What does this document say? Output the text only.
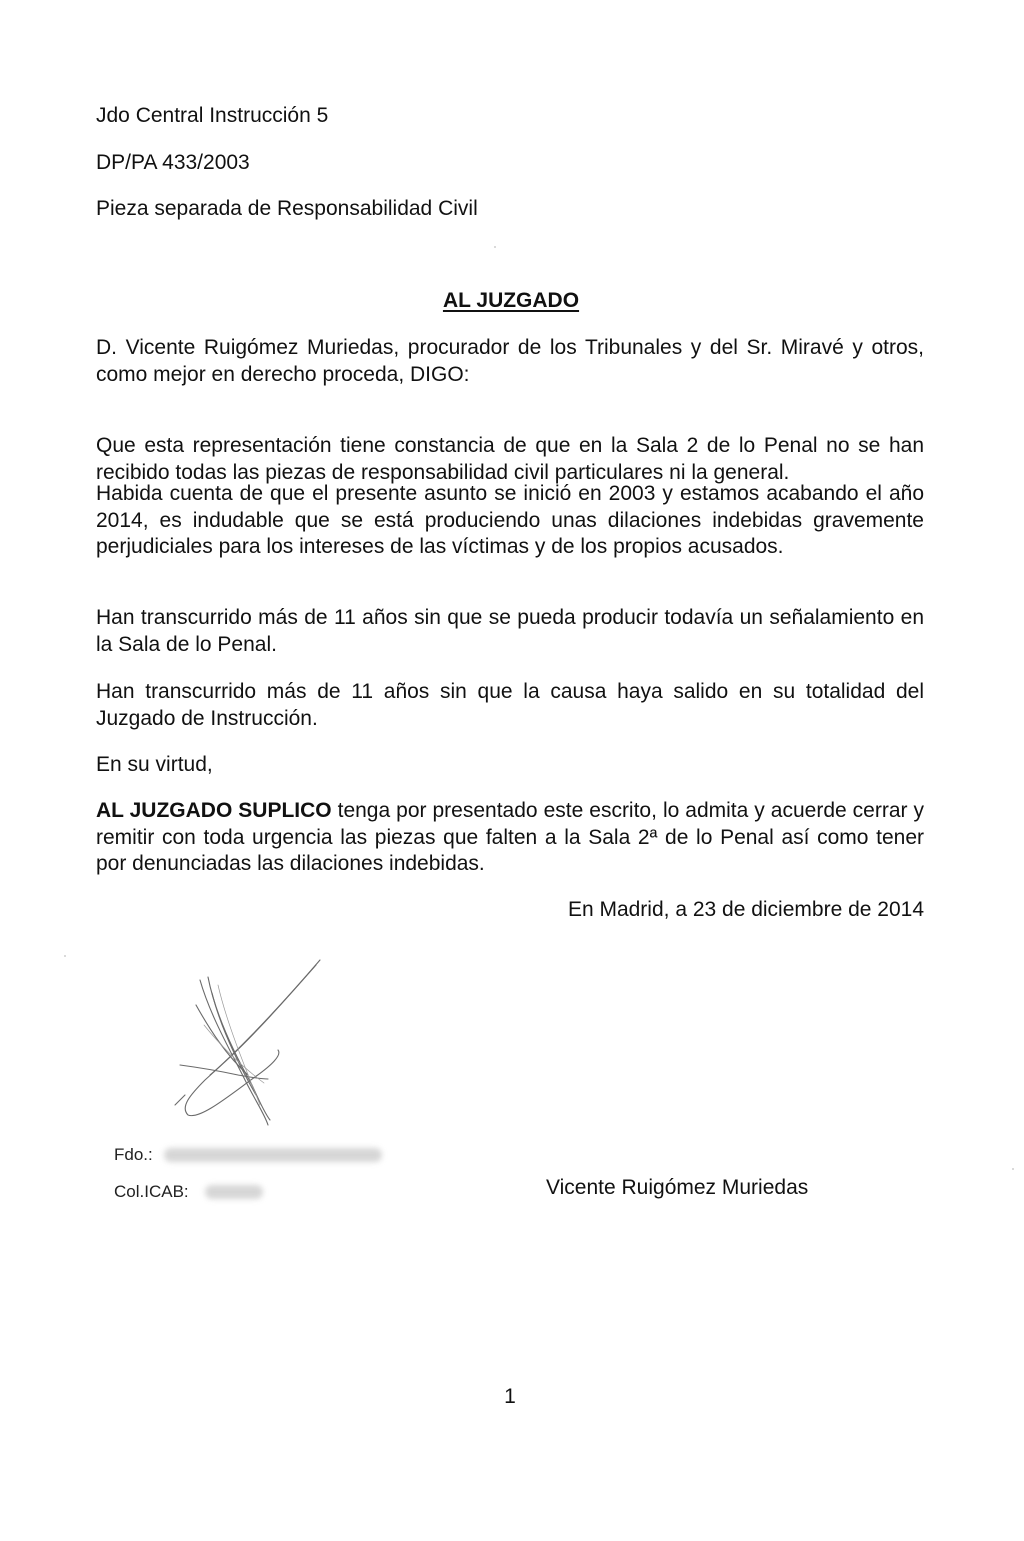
Jdo Central Instrucción 5
DP/PA 433/2003
Pieza separada de Responsabilidad Civil
AL JUZGADO

D. Vicente Ruigómez Muriedas, procurador de los Tribunales y del Sr. Miravé y otros, como mejor en derecho proceda, DIGO:

Que esta representación tiene constancia de que en la Sala 2 de lo Penal no se han recibido todas las piezas de responsabilidad civil particulares ni la general.

Habida cuenta de que el presente asunto se inició en 2003 y estamos acabando el año 2014, es indudable que se está produciendo unas dilaciones indebidas gravemente perjudiciales para los intereses de las víctimas y de los propios acusados.

Han transcurrido más de 11 años sin que se pueda producir todavía un señalamiento en la Sala de lo Penal.

Han transcurrido más de 11 años sin que la causa haya salido en su totalidad del Juzgado de Instrucción.

En su virtud,

AL JUZGADO SUPLICO tenga por presentado este escrito, lo admita y acuerde cerrar y remitir con toda urgencia las piezas que falten a la Sala 2ª de lo Penal así como tener por denunciadas las dilaciones indebidas.

En Madrid, a 23 de diciembre de 2014
Fdo.:
Col.ICAB:	Vicente Ruigómez Muriedas
1
